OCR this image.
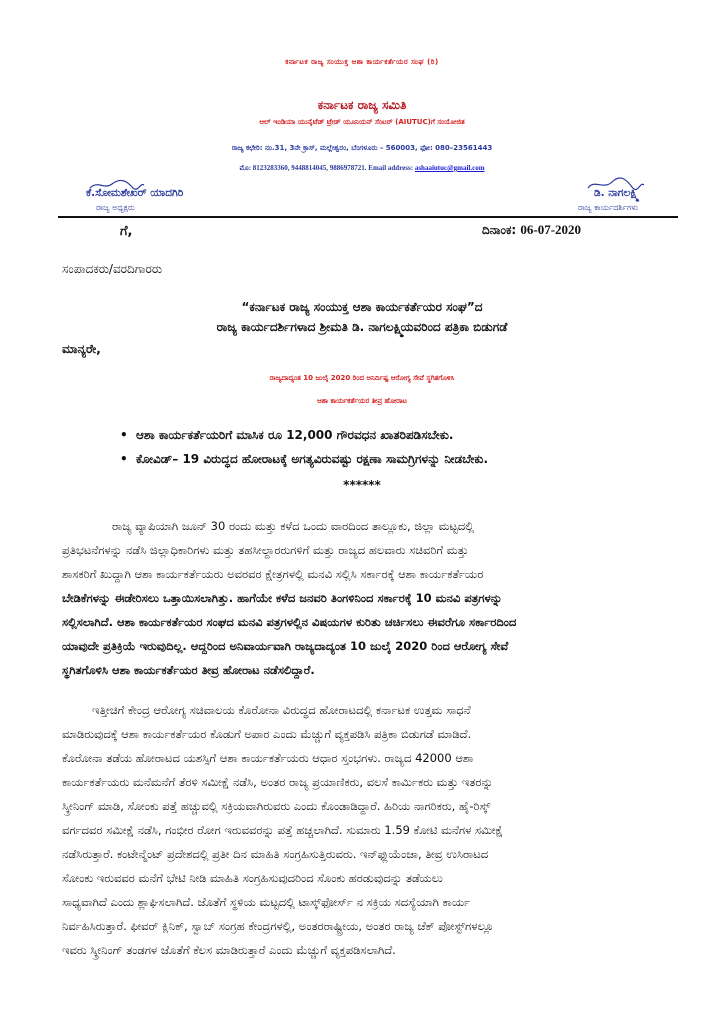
ಕರ್ನಾಟಕ ರಾಜ್ಯ ಸಂಯುಕ್ತ ಆಶಾ ಕಾರ್ಯಕರ್ತೆಯರ ಸಂಘ (ರಿ)
ಕರ್ನಾಟಕ ರಾಜ್ಯ ಸಮಿತಿ
ಆಲ್ ಇಂಡಿಯಾ ಯುನೈಟೆಡ್ ಟ್ರೇಡ್ ಯೂನಿಯನ್ ಸೆಂಟರ್ (AIUTUC)ಗೆ ಸಂಯೋಜಿತ
ರಾಜ್ಯ ಕಛೇರಿ: ನಂ.31, 3ನೇ ಕ್ರಾಸ್, ಮಲ್ಲೇಶ್ವರಂ, ಬೆಂಗಳೂರು – 560003, ಫೋ: 080–23561443
ಮೊ: 8123283360, 9448814045, 9886978721. Email address: ashaaiutuc@gmail.com
ಕೆ.ಸೋಮಶೇಖರ್ ಯಾದಗಿರಿ
ರಾಜ್ಯ ಅಧ್ಯಕ್ಷರು
ಡಿ. ನಾಗಲಕ್ಷ್ಮಿ
ರಾಜ್ಯ ಕಾರ್ಯದರ್ಶಿಗಳು
ಗೆ,	ದಿನಾಂಕ: 06-07-2020
ಸಂಪಾದಕರು/ವರದಿಗಾರರು
“ಕರ್ನಾಟಕ ರಾಜ್ಯ ಸಂಯುಕ್ತ ಆಶಾ ಕಾರ್ಯಕರ್ತೆಯರ ಸಂಘ”ದ
ರಾಜ್ಯ ಕಾರ್ಯದರ್ಶಿಗಳಾದ ಶ್ರೀಮತಿ ಡಿ. ನಾಗಲಕ್ಷ್ಮಿಯವರಿಂದ ಪತ್ರಿಕಾ ಬಿಡುಗಡೆ
ಮಾನ್ಯರೇ,
ರಾಜ್ಯದಾದ್ಯಂತ 10 ಜುಲೈ 2020 ರಿಂದ ಅನಿರ್ದಿಷ್ಟ ಆರೋಗ್ಯ ಸೇವೆ ಸ್ಥಗಿತಗೊಳಿಸಿ
ಆಶಾ ಕಾರ್ಯಕರ್ತೆಯರ ತೀವ್ರ ಹೋರಾಟ
• ಆಶಾ ಕಾರ್ಯಕರ್ತೆಯರಿಗೆ ಮಾಸಿಕ ರೂ 12,000 ಗೌರವಧನ ಖಾತರಿಪಡಿಸಬೇಕು.
• ಕೋವಿಡ್– 19 ವಿರುದ್ಧದ ಹೋರಾಟಕ್ಕೆ ಅಗತ್ಯವಿರುವಷ್ಟು ರಕ್ಷಣಾ ಸಾಮಗ್ರಿಗಳನ್ನು ನೀಡಬೇಕು.
******
ರಾಜ್ಯ ವ್ಯಾಪಿಯಾಗಿ ಜೂನ್ 30 ರಂದು ಮತ್ತು ಕಳೆದ ಒಂದು ವಾರದಿಂದ ತಾಲ್ಲೂಕು, ಜಿಲ್ಲಾ ಮಟ್ಟದಲ್ಲಿ
ಪ್ರತಿಭಟನೆಗಳನ್ನು ನಡೆಸಿ ಜಿಲ್ಲಾಧಿಕಾರಿಗಳು ಮತ್ತು ತಹಸೀಲ್ದಾರರುಗಳಿಗೆ ಮತ್ತು ರಾಜ್ಯದ ಹಲವಾರು ಸಚಿವರಿಗೆ ಮತ್ತು
ಶಾಸಕರಿಗೆ ಖುದ್ದಾಗಿ ಆಶಾ ಕಾರ್ಯಕರ್ತೆಯರು ಅವರವರ ಕ್ಷೇತ್ರಗಳಲ್ಲಿ ಮನವಿ ಸಲ್ಲಿಸಿ ಸರ್ಕಾರಕ್ಕೆ ಆಶಾ ಕಾರ್ಯಕರ್ತೆಯರ
ಬೇಡಿಕೆಗಳನ್ನು ಈಡೇರಿಸಲು ಒತ್ತಾಯಿಸಲಾಗಿತ್ತು. ಹಾಗೆಯೇ ಕಳೆದ ಜನವರಿ ತಿಂಗಳಿನಿಂದ ಸರ್ಕಾರಕ್ಕೆ 10 ಮನವಿ ಪತ್ರಗಳನ್ನು
ಸಲ್ಲಿಸಲಾಗಿದೆ. ಆಶಾ ಕಾರ್ಯಕರ್ತೆಯರ ಸಂಘದ ಮನವಿ ಪತ್ರಗಳಲ್ಲಿನ ವಿಷಯಗಳ ಕುರಿತು ಚರ್ಚಿಸಲು ಈವರೆಗೂ ಸರ್ಕಾರದಿಂದ
ಯಾವುದೇ ಪ್ರತಿಕ್ರಿಯೆ ಇರುವುದಿಲ್ಲ. ಆದ್ದರಿಂದ ಅನಿವಾರ್ಯವಾಗಿ ರಾಜ್ಯದಾದ್ಯಂತ 10 ಜುಲೈ 2020 ರಿಂದ ಆರೋಗ್ಯ ಸೇವೆ
ಸ್ಥಗಿತಗೊಳಿಸಿ ಆಶಾ ಕಾರ್ಯಕರ್ತೆಯರ ತೀವ್ರ ಹೋರಾಟ ನಡೆಸಲಿದ್ದಾರೆ.
ಇತ್ತೀಚಿಗೆ ಕೇಂದ್ರ ಆರೋಗ್ಯ ಸಚಿವಾಲಯ ಕೊರೋನಾ ವಿರುದ್ಧದ ಹೋರಾಟದಲ್ಲಿ ಕರ್ನಾಟಕ ಉತ್ತಮ ಸಾಧನೆ
ಮಾಡಿರುವುದಕ್ಕೆ ಆಶಾ ಕಾರ್ಯಕರ್ತೆಯರ ಕೊಡುಗೆ ಅಪಾರ ಎಂದು ಮೆಚ್ಚುಗೆ ವ್ಯಕ್ತಪಡಿಸಿ ಪತ್ರಿಕಾ ಬಿಡುಗಡೆ ಮಾಡಿದೆ.
ಕೊರೋನಾ ತಡೆಯ ಹೋರಾಟದ ಯಶಸ್ಸಿಗೆ ಆಶಾ ಕಾರ್ಯಕರ್ತೆಯರು ಆಧಾರ ಸ್ತಂಭಗಳು. ರಾಜ್ಯದ 42000 ಆಶಾ
ಕಾರ್ಯಕರ್ತೆಯರು ಮನೆಮನೆಗೆ ತೆರಳಿ ಸಮೀಕ್ಷೆ ನಡೆಸಿ, ಅಂತರ ರಾಜ್ಯ ಪ್ರಯಾಣಿಕರು, ವಲಸೆ ಕಾರ್ಮಿಕರು ಮತ್ತು ಇತರನ್ನು
ಸ್ಕ್ರೀನಿಂಗ್ ಮಾಡಿ, ಸೋಂಕು ಪತ್ತೆ ಹಚ್ಚುವಲ್ಲಿ ಸಕ್ರಿಯವಾಗಿರುವರು ಎಂದು ಕೊಂಡಾಡಿದ್ದಾರೆ. ಹಿರಿಯ ನಾಗರಿಕರು, ಹೈ-ರಿಸ್ಕ್
ವರ್ಗದವರ ಸಮೀಕ್ಷೆ ನಡೆಸಿ, ಗಂಭೀರ ರೋಗ ಇರುವವರನ್ನು ಪತ್ತೆ ಹಚ್ಚಲಾಗಿದೆ. ಸುಮಾರು 1.59 ಕೋಟಿ ಮನೆಗಳ ಸಮೀಕ್ಷೆ
ನಡೆಸಿರುತ್ತಾರೆ. ಕಂಟೇನ್ಮೆಂಟ್ ಪ್ರದೇಶದಲ್ಲಿ ಪ್ರತೀ ದಿನ ಮಾಹಿತಿ ಸಂಗ್ರಹಿಸುತ್ತಿರುವರು. ಇನ್‌ಫ್ಲುಯೆಂಜಾ, ತೀವ್ರ ಉಸಿರಾಟದ
ಸೋಂಕು ಇರುವವರ ಮನೆಗೆ ಭೇಟಿ ನೀಡಿ ಮಾಹಿತಿ ಸಂಗ್ರಹಿಸುವುದರಿಂದ ಸೊಂಕು ಹರಡುವುದನ್ನು ತಡೆಯಲು
ಸಾಧ್ಯವಾಗಿದೆ ಎಂದು ಶ್ಲಾಘಿಸಲಾಗಿದೆ. ಜೊತೆಗೆ ಸ್ಥಳಿಯ ಮಟ್ಟದಲ್ಲಿ ಟಾಸ್ಕ್‌ಫೋರ್ಸ್ ನ ಸಕ್ರಿಯ ಸದಸ್ಯೆಯಾಗಿ ಕಾರ್ಯ
ನಿರ್ವಹಿಸಿರುತ್ತಾರೆ. ಫೀವರ್ ಕ್ಲಿನಿಕ್, ಸ್ವಾಬ್ ಸಂಗ್ರಹ ಕೇಂದ್ರಗಳಲ್ಲಿ, ಅಂತರರಾಷ್ಟ್ರೀಯ, ಅಂತರ ರಾಜ್ಯ ಚೆಕ್ ಪೋಸ್ಟ್‌ಗಳಲ್ಲೂ
ಇವರು ಸ್ಕ್ರೀನಿಂಗ್ ತಂಡಗಳ ಜೊತೆಗೆ ಕೆಲಸ ಮಾಡಿರುತ್ತಾರೆ ಎಂದು ಮೆಚ್ಚುಗೆ ವ್ಯಕ್ತಪಡಿಸಲಾಗಿದೆ.
